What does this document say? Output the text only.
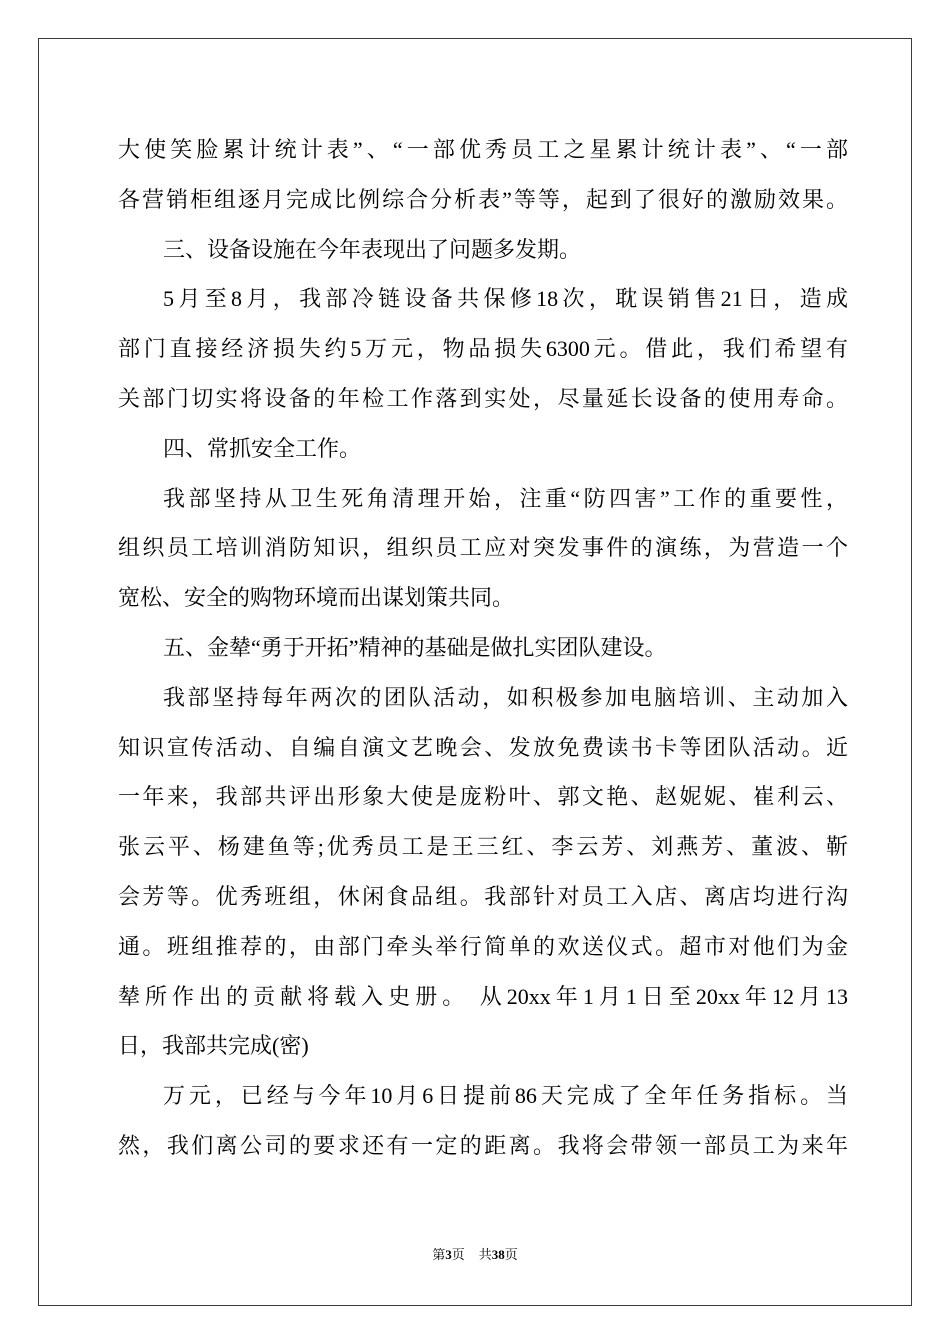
大使笑脸累计统计表”、“一部优秀员工之星累计统计表”、“一部
各营销柜组逐月完成比例综合分析表”等等，起到了很好的激励效果。
三、设备设施在今年表现出了问题多发期。
5月至8月，我部冷链设备共保修18次，耽误销售21日，造成
部门直接经济损失约5万元，物品损失6300元。借此，我们希望有
关部门切实将设备的年检工作落到实处，尽量延长设备的使用寿命。
四、常抓安全工作。
我部坚持从卫生死角清理开始，注重“防四害”工作的重要性，
组织员工培训消防知识，组织员工应对突发事件的演练，为营造一个
宽松、安全的购物环境而出谋划策共同。
五、金辇“勇于开拓”精神的基础是做扎实团队建设。
我部坚持每年两次的团队活动，如积极参加电脑培训、主动加入
知识宣传活动、自编自演文艺晚会、发放免费读书卡等团队活动。近
一年来，我部共评出形象大使是庞粉叶、郭文艳、赵妮妮、崔利云、
张云平、杨建鱼等;优秀员工是王三红、李云芳、刘燕芳、董波、靳
会芳等。优秀班组，休闲食品组。我部针对员工入店、离店均进行沟
通。班组推荐的，由部门牵头举行简单的欢送仪式。超市对他们为金
辇所作出的贡献将载入史册。 从20xx年1月1日至20xx年12月13
日，我部共完成(密)
万元，已经与今年10月6日提前86天完成了全年任务指标。当
然，我们离公司的要求还有一定的距离。我将会带领一部员工为来年
第3页 共38页
